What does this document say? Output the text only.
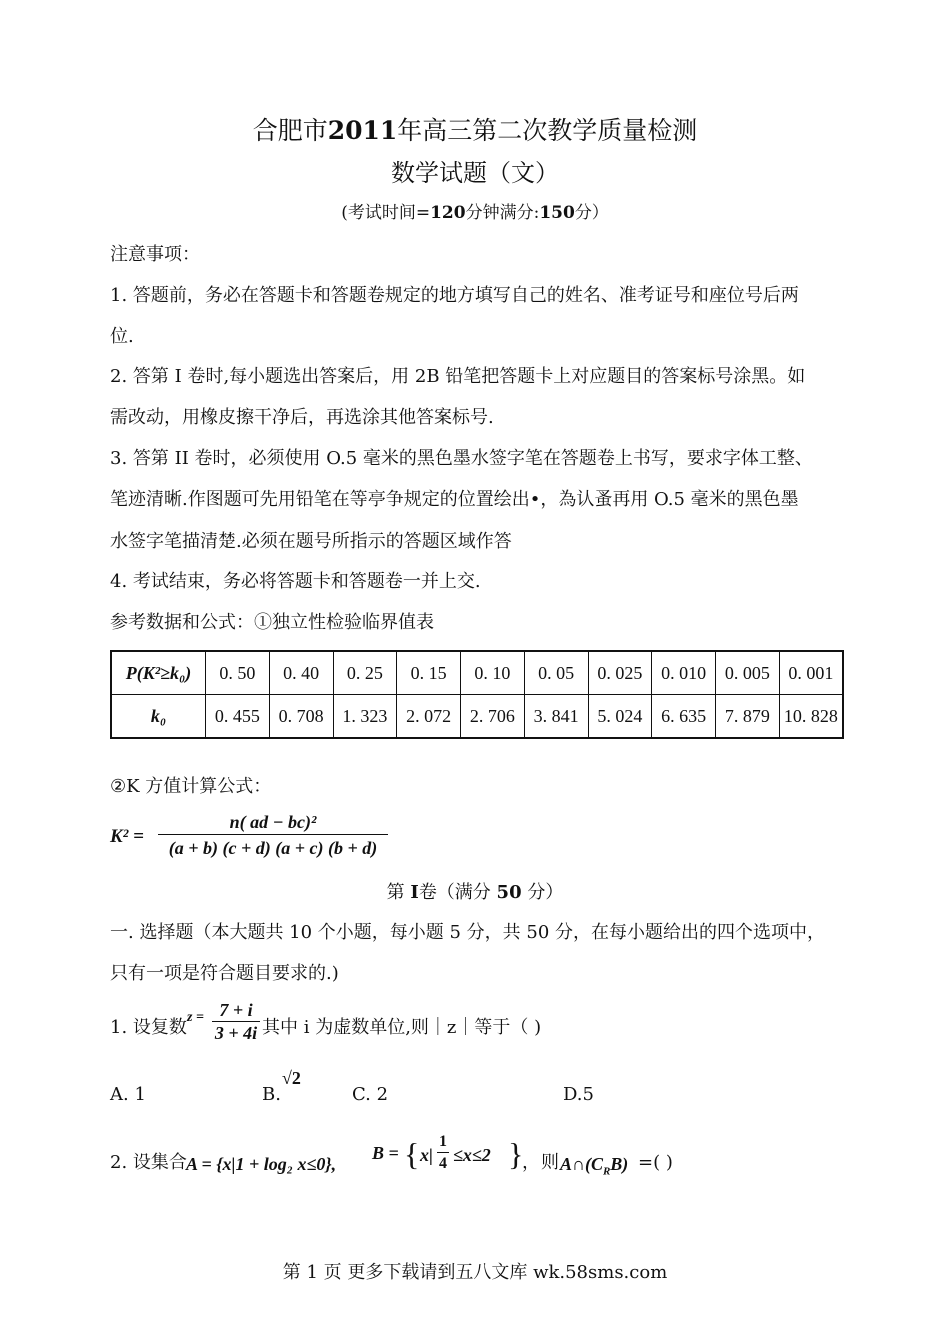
合肥市2011年高三第二次教学质量检测
数学试题（文）
(考试时间=120分钟满分:150分）
注意事项：
1. 答题前，务必在答题卡和答题卷规定的地方填写自己的姓名、准考证号和座位号后两
位.
2. 答第 I 卷时,每小题选出答案后，用 2B 铅笔把答题卡上对应题目的答案标号涂黑。如
需改动，用橡皮擦干净后，再选涂其他答案标号.
3. 答第 II 卷时，必须使用 O.5 毫米的黑色墨水签字笔在答题卷上书写，要求字体工整、
笔迹清晰.作图题可先用铅笔在等亭争规定的位置绘出•，為认蚤再用 O.5 毫米的黑色墨
水签字笔描清楚.必须在题号所指示的答题区域作答
4. 考试结束，务必将答题卡和答题卷一并上交.
参考数据和公式：①独立性检验临界值表
P(K²≥k₀)	0. 50	0. 40	0. 25	0. 15	0. 10	0. 05	0. 025	0. 010	0. 005	0. 001
k₀	0. 455	0. 708	1. 323	2. 072	2. 706	3. 841	5. 024	6. 635	7. 879	10. 828
②K 方值计算公式：
K² =
n( ad − bc)²
(a + b) (c + d) (a + c) (b + d)
第 I卷（满分 50 分）
一. 选择题（本大题共 10 个小题，每小题 5 分，共 50 分，在每小题给出的四个选项中，
只有一项是符合题目要求的.)
1. 设复数 z = 7 + i
3 + 4i 其中 i 为虚数单位,则｜z｜等于（ )
A. 1	B.
√2
C. 2	D.5
2. 设集合 A = {x|1 + log₂ x≤0},
B = { x|
1
4 ≤x≤2 }
， 则 $A\cap(C_RB)$ =( )
第 1 页 更多下载请到五八文库 wk.58sms.com
